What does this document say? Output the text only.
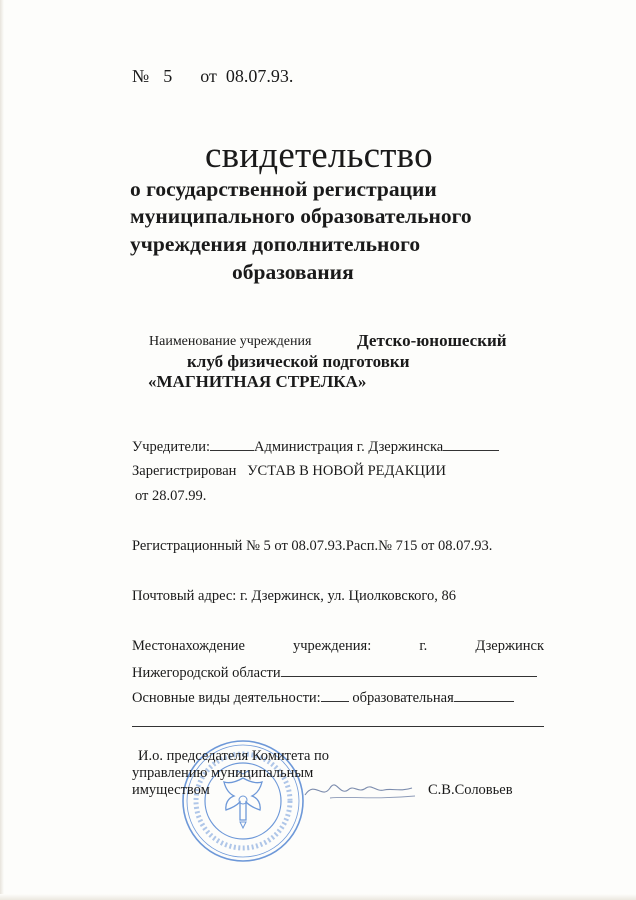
№ 5 от 08.07.93.
свидетельство
о государственной регистрации
муниципального образовательного
учреждения дополнительного
образования
Наименование учреждения	Детско-юношеский
клуб физической подготовки
«МАГНИТНАЯ СТРЕЛКА»
Учредители:	Администрация г. Дзержинска
Зарегистрирован УСТАВ В НОВОЙ РЕДАКЦИИ
от 28.07.99.
Регистрационный № 5 от 08.07.93.Расп.№ 715 от 08.07.93.
Почтовый адрес: г. Дзержинск, ул. Циолковского, 86
Местонахождение	учреждения:	г.	Дзержинск
Нижегородской области
Основные виды деятельности: образовательная
И.о. председателя Комитета по
управлению муниципальным
имуществом	С.В.Соловьев
